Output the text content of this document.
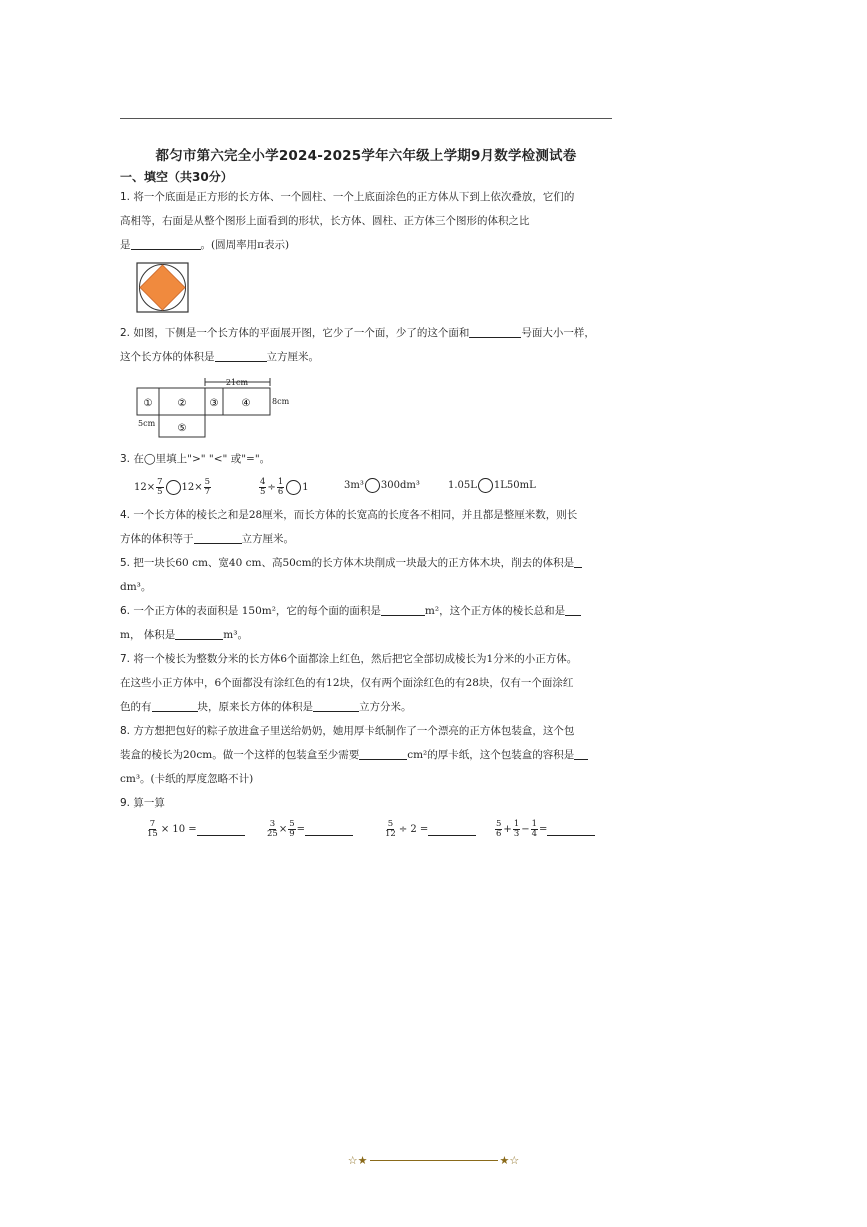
都匀市第六完全小学2024-2025学年六年级上学期9月数学检测试卷
一、填空（共30分）
1. 将一个底面是正方形的长方体、一个圆柱、一个上底面涂色的正方体从下到上依次叠放，它们的
高相等，右面是从整个图形上面看到的形状，长方体、圆柱、正方体三个图形的体积之比
是	。(圆周率用π表示)
2. 如图，下侧是一个长方体的平面展开图，它少了一个面，少了的这个面和	号面大小一样，
这个长方体的体积是	立方厘米。
①	② ③ ④
⑤
21cm
8cm
5cm
3. 在◯里填上">" "<" 或"="。
$12\times \frac{7}{5} 12\times \frac{5}{7}$	$\frac{4}{5} \div \frac{1}{6} 1$	3m³ 300dm³	1.05L 1L50mL
4. 一个长方体的棱长之和是28厘米，而长方体的长宽高的长度各不相同，并且都是整厘米数，则长
方体的体积等于	立方厘米。
5. 把一块长60 cm、宽40 cm、高50cm的长方体木块削成一块最大的正方体木块，削去的体积是
dm³。
6. 一个正方体的表面积是 150m²，它的每个面的面积是	m²，这个正方体的棱长总和是
m， 体积是	m³。
7. 将一个棱长为整数分米的长方体6个面都涂上红色，然后把它全部切成棱长为1分米的小正方体。
在这些小正方体中，6个面都没有涂红色的有12块，仅有两个面涂红色的有28块，仅有一个面涂红
色的有	块，原来长方体的体积是	立方分米。
8. 方方想把包好的粽子放进盒子里送给奶奶，她用厚卡纸制作了一个漂亮的正方体包装盒，这个包
装盒的棱长为20cm。做一个这样的包装盒至少需要	cm²的厚卡纸，这个包装盒的容积是
cm³。(卡纸的厚度忽略不计)
9. 算一算
$\frac{7}{15} \times 10$ =	$\frac{3}{25} \times \frac{5}{9}$ =	$\frac{5}{12} \div 2$ =	$\frac{5}{6} + \frac{1}{3} - \frac{1}{4}$ =
☆★	★☆
